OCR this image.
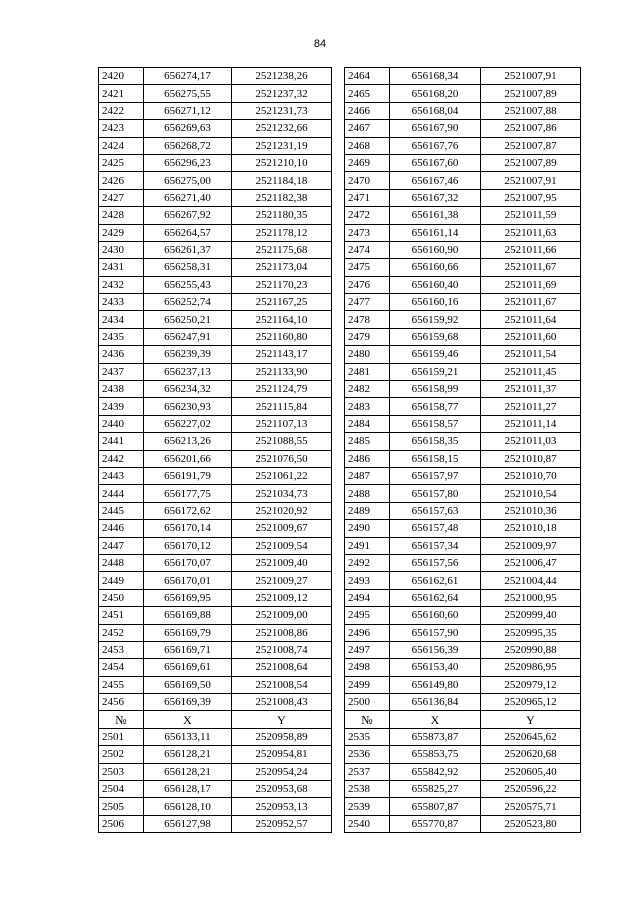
84
2420	656274,17	2521238,26		2464	656168,34	2521007,91
2421	656275,55	2521237,32		2465	656168,20	2521007,89
2422	656271,12	2521231,73		2466	656168,04	2521007,88
2423	656269,63	2521232,66		2467	656167,90	2521007,86
2424	656268,72	2521231,19		2468	656167,76	2521007,87
2425	656296,23	2521210,10		2469	656167,60	2521007,89
2426	656275,00	2521184,18		2470	656167,46	2521007,91
2427	656271,40	2521182,38		2471	656167,32	2521007,95
2428	656267,92	2521180,35		2472	656161,38	2521011,59
2429	656264,57	2521178,12		2473	656161,14	2521011,63
2430	656261,37	2521175,68		2474	656160,90	2521011,66
2431	656258,31	2521173,04		2475	656160,66	2521011,67
2432	656255,43	2521170,23		2476	656160,40	2521011,69
2433	656252,74	2521167,25		2477	656160,16	2521011,67
2434	656250,21	2521164,10		2478	656159,92	2521011,64
2435	656247,91	2521160,80		2479	656159,68	2521011,60
2436	656239,39	2521143,17		2480	656159,46	2521011,54
2437	656237,13	2521133,90		2481	656159,21	2521011,45
2438	656234,32	2521124,79		2482	656158,99	2521011,37
2439	656230,93	2521115,84		2483	656158,77	2521011,27
2440	656227,02	2521107,13		2484	656158,57	2521011,14
2441	656213,26	2521088,55		2485	656158,35	2521011,03
2442	656201,66	2521076,50		2486	656158,15	2521010,87
2443	656191,79	2521061,22		2487	656157,97	2521010,70
2444	656177,75	2521034,73		2488	656157,80	2521010,54
2445	656172,62	2521020,92		2489	656157,63	2521010,36
2446	656170,14	2521009,67		2490	656157,48	2521010,18
2447	656170,12	2521009,54		2491	656157,34	2521009,97
2448	656170,07	2521009,40		2492	656157,56	2521006,47
2449	656170,01	2521009,27		2493	656162,61	2521004,44
2450	656169,95	2521009,12		2494	656162,64	2521000,95
2451	656169,88	2521009,00		2495	656160,60	2520999,40
2452	656169,79	2521008,86		2496	656157,90	2520995,35
2453	656169,71	2521008,74		2497	656156,39	2520990,88
2454	656169,61	2521008,64		2498	656153,40	2520986,95
2455	656169,50	2521008,54		2499	656149,80	2520979,12
2456	656169,39	2521008,43		2500	656136,84	2520965,12
№	X	Y		№	X	Y
2501	656133,11	2520958,89		2535	655873,87	2520645,62
2502	656128,21	2520954,81		2536	655853,75	2520620,68
2503	656128,21	2520954,24		2537	655842,92	2520605,40
2504	656128,17	2520953,68		2538	655825,27	2520596,22
2505	656128,10	2520953,13		2539	655807,87	2520575,71
2506	656127,98	2520952,57		2540	655770,87	2520523,80
